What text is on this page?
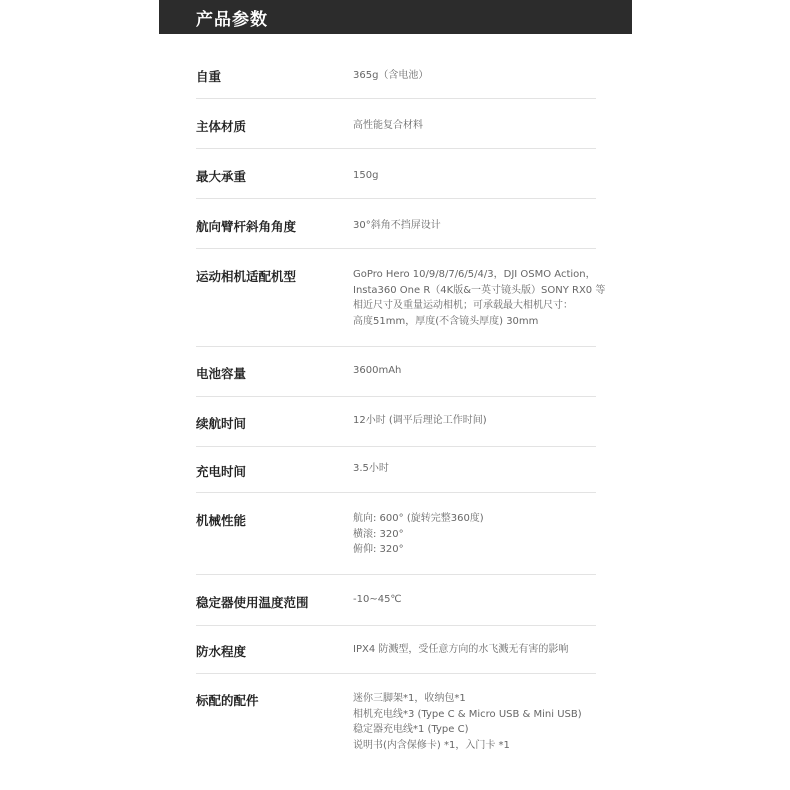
产品参数
自重	365g（含电池）
主体材质	高性能复合材料
最大承重	150g
航向臂杆斜角角度	30°斜角不挡屏设计
运动相机适配机型	GoPro Hero 10/9/8/7/6/5/4/3，DJI OSMO Action，
Insta360 One R（4K版&一英寸镜头版）SONY RX0 等
相近尺寸及重量运动相机；可承载最大相机尺寸：
高度51mm，厚度(不含镜头厚度) 30mm
电池容量	3600mAh
续航时间	12小时 (调平后理论工作时间)
充电时间	3.5小时
机械性能	航向: 600° (旋转完整360度)
横滚: 320°
俯仰: 320°
稳定器使用温度范围	-10~45℃
防水程度	IPX4 防溅型，受任意方向的水飞溅无有害的影响
标配的配件	迷你三脚架*1，收纳包*1
相机充电线*3 (Type C & Micro USB & Mini USB)
稳定器充电线*1 (Type C)
说明书(内含保修卡) *1，入门卡 *1
